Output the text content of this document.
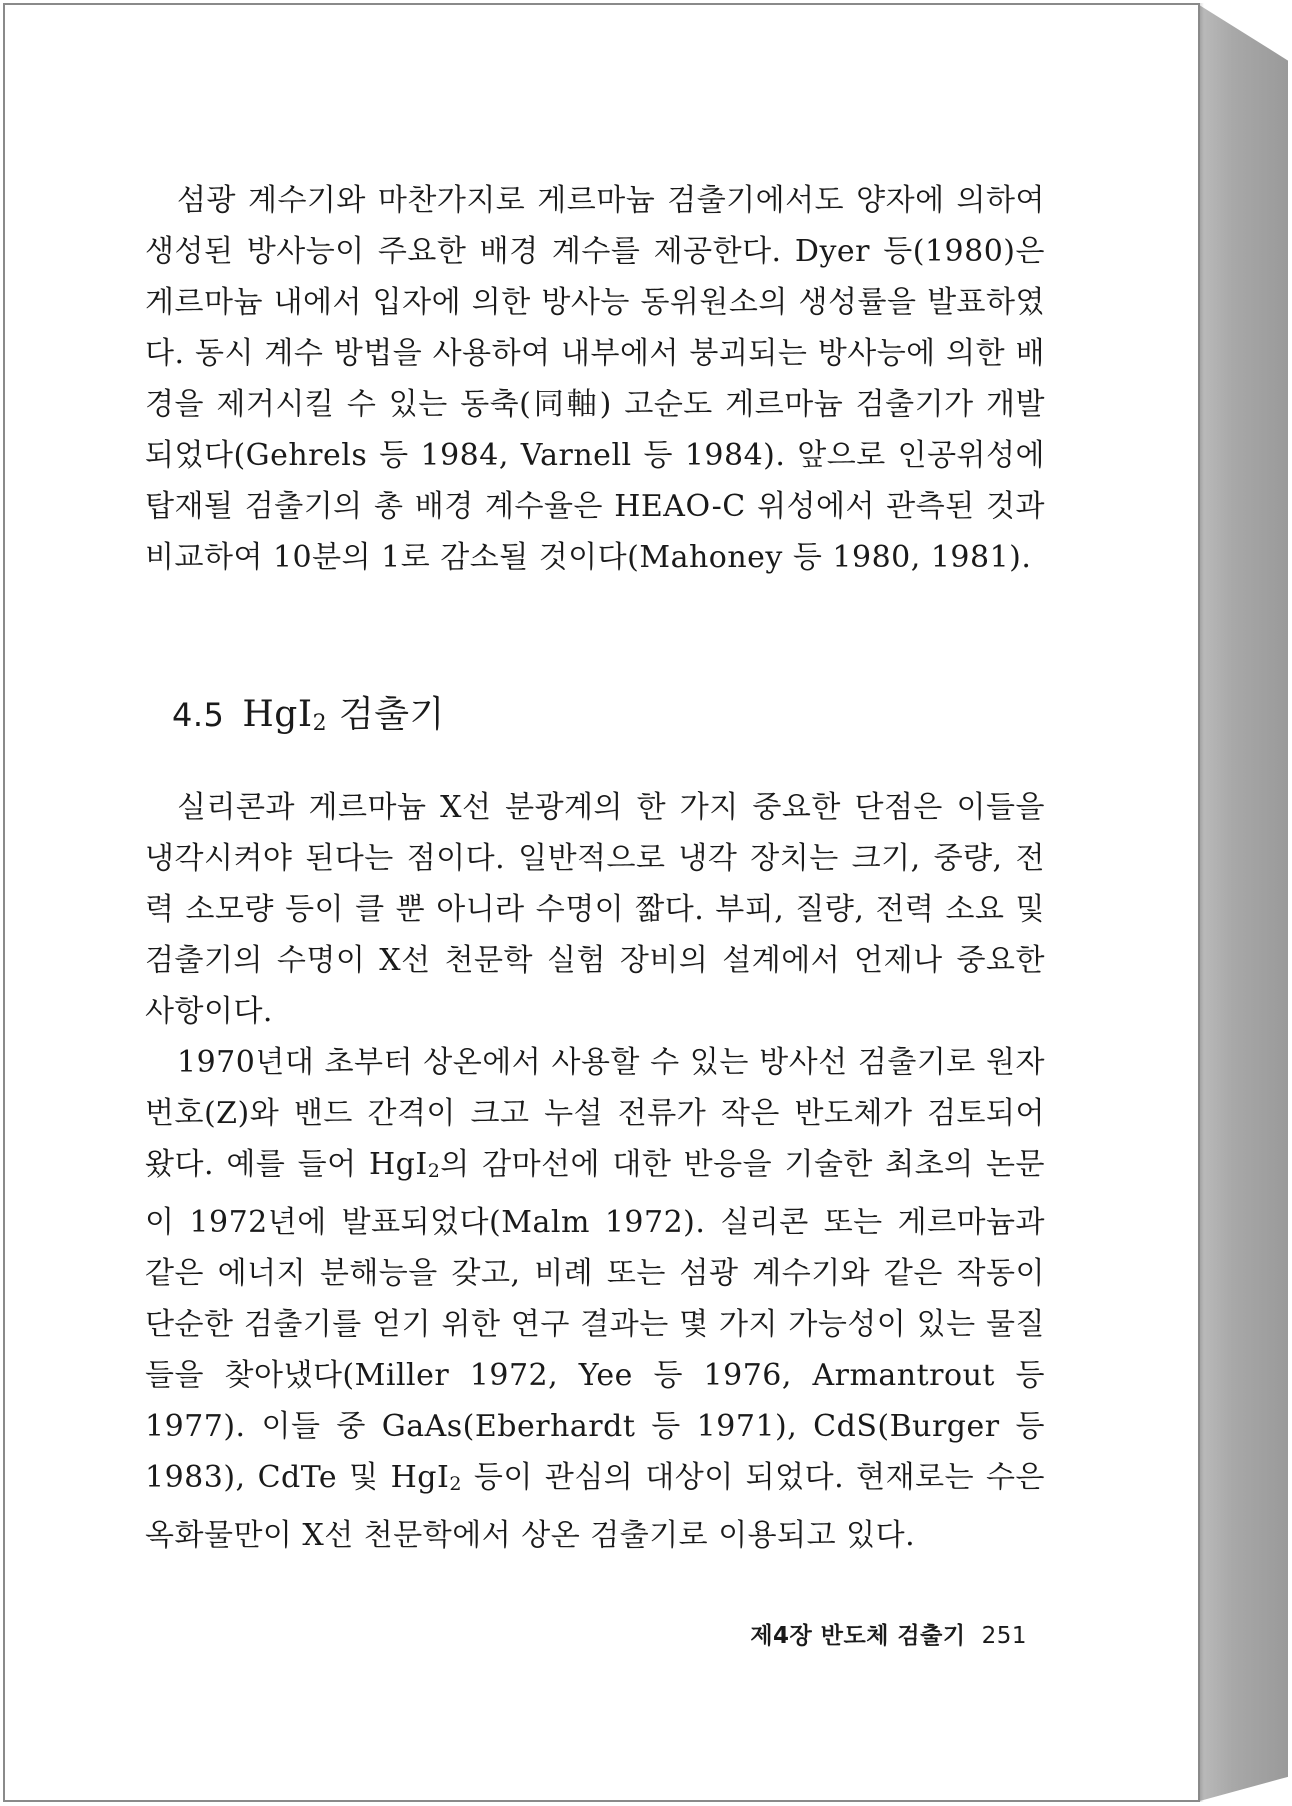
섬광 계수기와 마찬가지로 게르마늄 검출기에서도 양자에 의하여 생성된 방사능이 주요한 배경 계수를 제공한다. Dyer 등(1980)은 게르마늄 내에서 입자에 의한 방사능 동위원소의 생성률을 발표하였다. 동시 계수 방법을 사용하여 내부에서 붕괴되는 방사능에 의한 배경을 제거시킬 수 있는 동축(同軸) 고순도 게르마늄 검출기가 개발되었다(Gehrels 등 1984, Varnell 등 1984). 앞으로 인공위성에 탑재될 검출기의 총 배경 계수율은 HEAO-C 위성에서 관측된 것과 비교하여 10분의 1로 감소될 것이다(Mahoney 등 1980, 1981).

4.5 HgI$_2$ 검출기

실리콘과 게르마늄 X선 분광계의 한 가지 중요한 단점은 이들을 냉각시켜야 된다는 점이다. 일반적으로 냉각 장치는 크기, 중량, 전력 소모량 등이 클 뿐 아니라 수명이 짧다. 부피, 질량, 전력 소요 및 검출기의 수명이 X선 천문학 실험 장비의 설계에서 언제나 중요한 사항이다.

1970년대 초부터 상온에서 사용할 수 있는 방사선 검출기로 원자번호(Z)와 밴드 간격이 크고 누설 전류가 작은 반도체가 검토되어 왔다. 예를 들어 HgI$_2$의 감마선에 대한 반응을 기술한 최초의 논문이 1972년에 발표되었다(Malm 1972). 실리콘 또는 게르마늄과 같은 에너지 분해능을 갖고, 비례 또는 섬광 계수기와 같은 작동이 단순한 검출기를 얻기 위한 연구 결과는 몇 가지 가능성이 있는 물질들을 찾아냈다(Miller 1972, Yee 등 1976, Armantrout 등 1977). 이들 중 GaAs(Eberhardt 등 1971), CdS(Burger 등 1983), CdTe 및 HgI$_2$ 등이 관심의 대상이 되었다. 현재로는 수은 옥화물만이 X선 천문학에서 상온 검출기로 이용되고 있다.

제4장 반도체 검출기 251
